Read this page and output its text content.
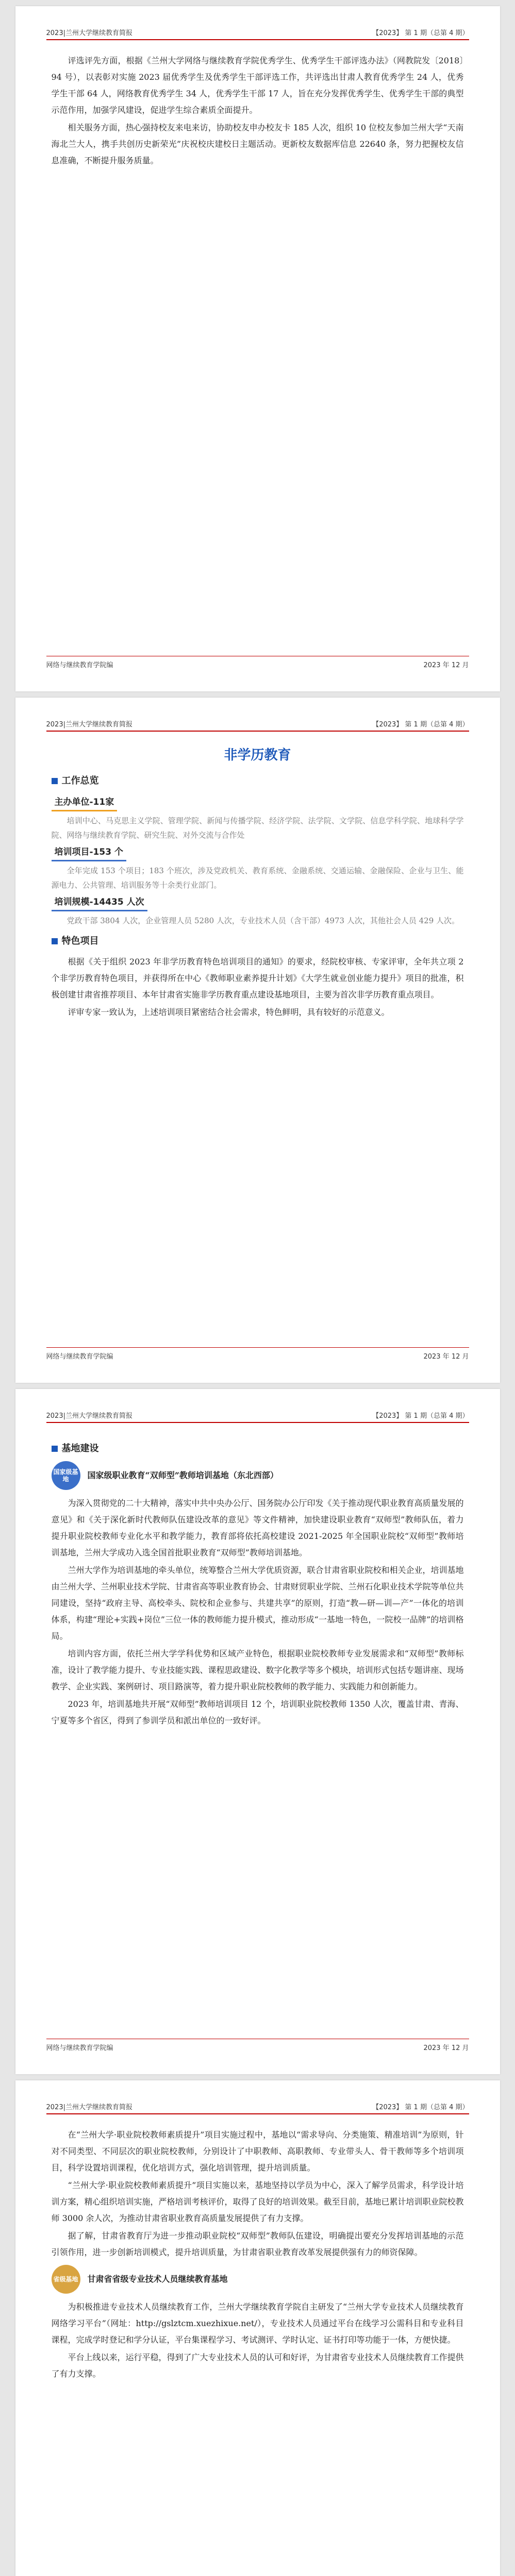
2023|兰州大学继续教育简报	【2023】 第 1 期（总第 4 期）

评选评先方面，根据《兰州大学网络与继续教育学院优秀学生、优秀学生干部评选办法》（网教院发〔2018〕94 号），以表彰对实施 2023 届优秀学生及优秀学生干部评选工作，共评选出甘肃人教育优秀学生 24 人，优秀学生干部 64 人，网络教育优秀学生 34 人，优秀学生干部 17 人，旨在充分发挥优秀学生、优秀学生干部的典型示范作用，加强学风建设，促进学生综合素质全面提升。

相关服务方面，热心强持校友来电来访，协助校友申办校友卡 185 人次，组织 10 位校友参加兰州大学“天南海北兰大人，携手共创历史新荣光”庆祝校庆建校日主题活动。更新校友数据库信息 22640 条，努力把握校友信息准确，不断提升服务质量。

网络与继续教育学院编	2023 年 12 月
2023|兰州大学继续教育简报	【2023】 第 1 期（总第 4 期）
非学历教育
工作总览
主办单位-11家

培训中心、马克思主义学院、管理学院、新闻与传播学院、经济学院、法学院、文学院、信息学科学院、地球科学学院、网络与继续教育学院、研究生院、对外交流与合作处

培训项目-153 个

全年完成 153 个项目；183 个班次，涉及党政机关、教育系统、金融系统、交通运输、金融保险、企业与卫生、能源电力、公共管理、培训服务等十余类行业部门。

培训规模-14435 人次

党政干部 3804 人次，企业管理人员 5280 人次，专业技术人员（含干部）4973 人次，其他社会人员 429 人次。

特色项目

根据《关于组织 2023 年非学历教育特色培训项目的通知》的要求，经院校审核、专家评审，全年共立项 2 个非学历教育特色项目，并获得所在中心《教师职业素养提升计划》《大学生就业创业能力提升》项目的批准，积极创建甘肃省推荐项目、本年甘肃省实施非学历教育重点建设基地项目，主要为首次非学历教育重点项目。

评审专家一致认为，上述培训项目紧密结合社会需求，特色鲜明，具有较好的示范意义。

网络与继续教育学院编	2023 年 12 月
2023|兰州大学继续教育简报	【2023】 第 1 期（总第 4 期）
基地建设
国家级基地	国家级职业教育“双师型”教师培训基地（东北西部）

为深入贯彻党的二十大精神，落实中共中央办公厅、国务院办公厅印发《关于推动现代职业教育高质量发展的意见》和《关于深化新时代教师队伍建设改革的意见》等文件精神，加快建设职业教育“双师型”教师队伍，着力提升职业院校教师专业化水平和教学能力，教育部将依托高校建设 2021-2025 年全国职业院校“双师型”教师培训基地，兰州大学成功入选全国首批职业教育“双师型”教师培训基地。

兰州大学作为培训基地的牵头单位，统筹整合兰州大学优质资源，联合甘肃省职业院校和相关企业，培训基地由兰州大学、兰州职业技术学院、甘肃省高等职业教育协会、甘肃财贸职业学院、兰州石化职业技术学院等单位共同建设，坚持“政府主导、高校牵头、院校和企业参与、共建共享”的原则，打造“教—研—训—产”一体化的培训体系，构建“理论+实践+岗位”三位一体的教师能力提升模式，推动形成“一基地一特色，一院校一品牌”的培训格局。

培训内容方面，依托兰州大学学科优势和区域产业特色，根据职业院校教师专业发展需求和“双师型”教师标准，设计了教学能力提升、专业技能实践、课程思政建设、数字化教学等多个模块，培训形式包括专题讲座、现场教学、企业实践、案例研讨、项目路演等，着力提升职业院校教师的教学能力、实践能力和创新能力。

2023 年，培训基地共开展“双师型”教师培训项目 12 个，培训职业院校教师 1350 人次，覆盖甘肃、青海、宁夏等多个省区，得到了参训学员和派出单位的一致好评。

网络与继续教育学院编	2023 年 12 月
2023|兰州大学继续教育简报	【2023】 第 1 期（总第 4 期）

在“兰州大学·职业院校教师素质提升”项目实施过程中，基地以“需求导向、分类施策、精准培训”为原则，针对不同类型、不同层次的职业院校教师，分别设计了中职教师、高职教师、专业带头人、骨干教师等多个培训项目，科学设置培训课程，优化培训方式，强化培训管理，提升培训质量。

“兰州大学·职业院校教师素质提升”项目实施以来，基地坚持以学员为中心，深入了解学员需求，科学设计培训方案，精心组织培训实施，严格培训考核评价，取得了良好的培训效果。截至目前，基地已累计培训职业院校教师 3000 余人次，为推动甘肃省职业教育高质量发展提供了有力支撑。

据了解，甘肃省教育厅为进一步推动职业院校“双师型”教师队伍建设，明确提出要充分发挥培训基地的示范引领作用，进一步创新培训模式，提升培训质量，为甘肃省职业教育改革发展提供强有力的师资保障。

省级基地 甘肃省省级专业技术人员继续教育基地

为积极推进专业技术人员继续教育工作，兰州大学继续教育学院自主研发了“兰州大学专业技术人员继续教育网络学习平台”（网址：http://gslztcm.xuezhixue.net/），专业技术人员通过平台在线学习公需科目和专业科目课程，完成学时登记和学分认证，平台集课程学习、考试测评、学时认定、证书打印等功能于一体，方便快捷。

平台上线以来，运行平稳，得到了广大专业技术人员的认可和好评，为甘肃省专业技术人员继续教育工作提供了有力支撑。
